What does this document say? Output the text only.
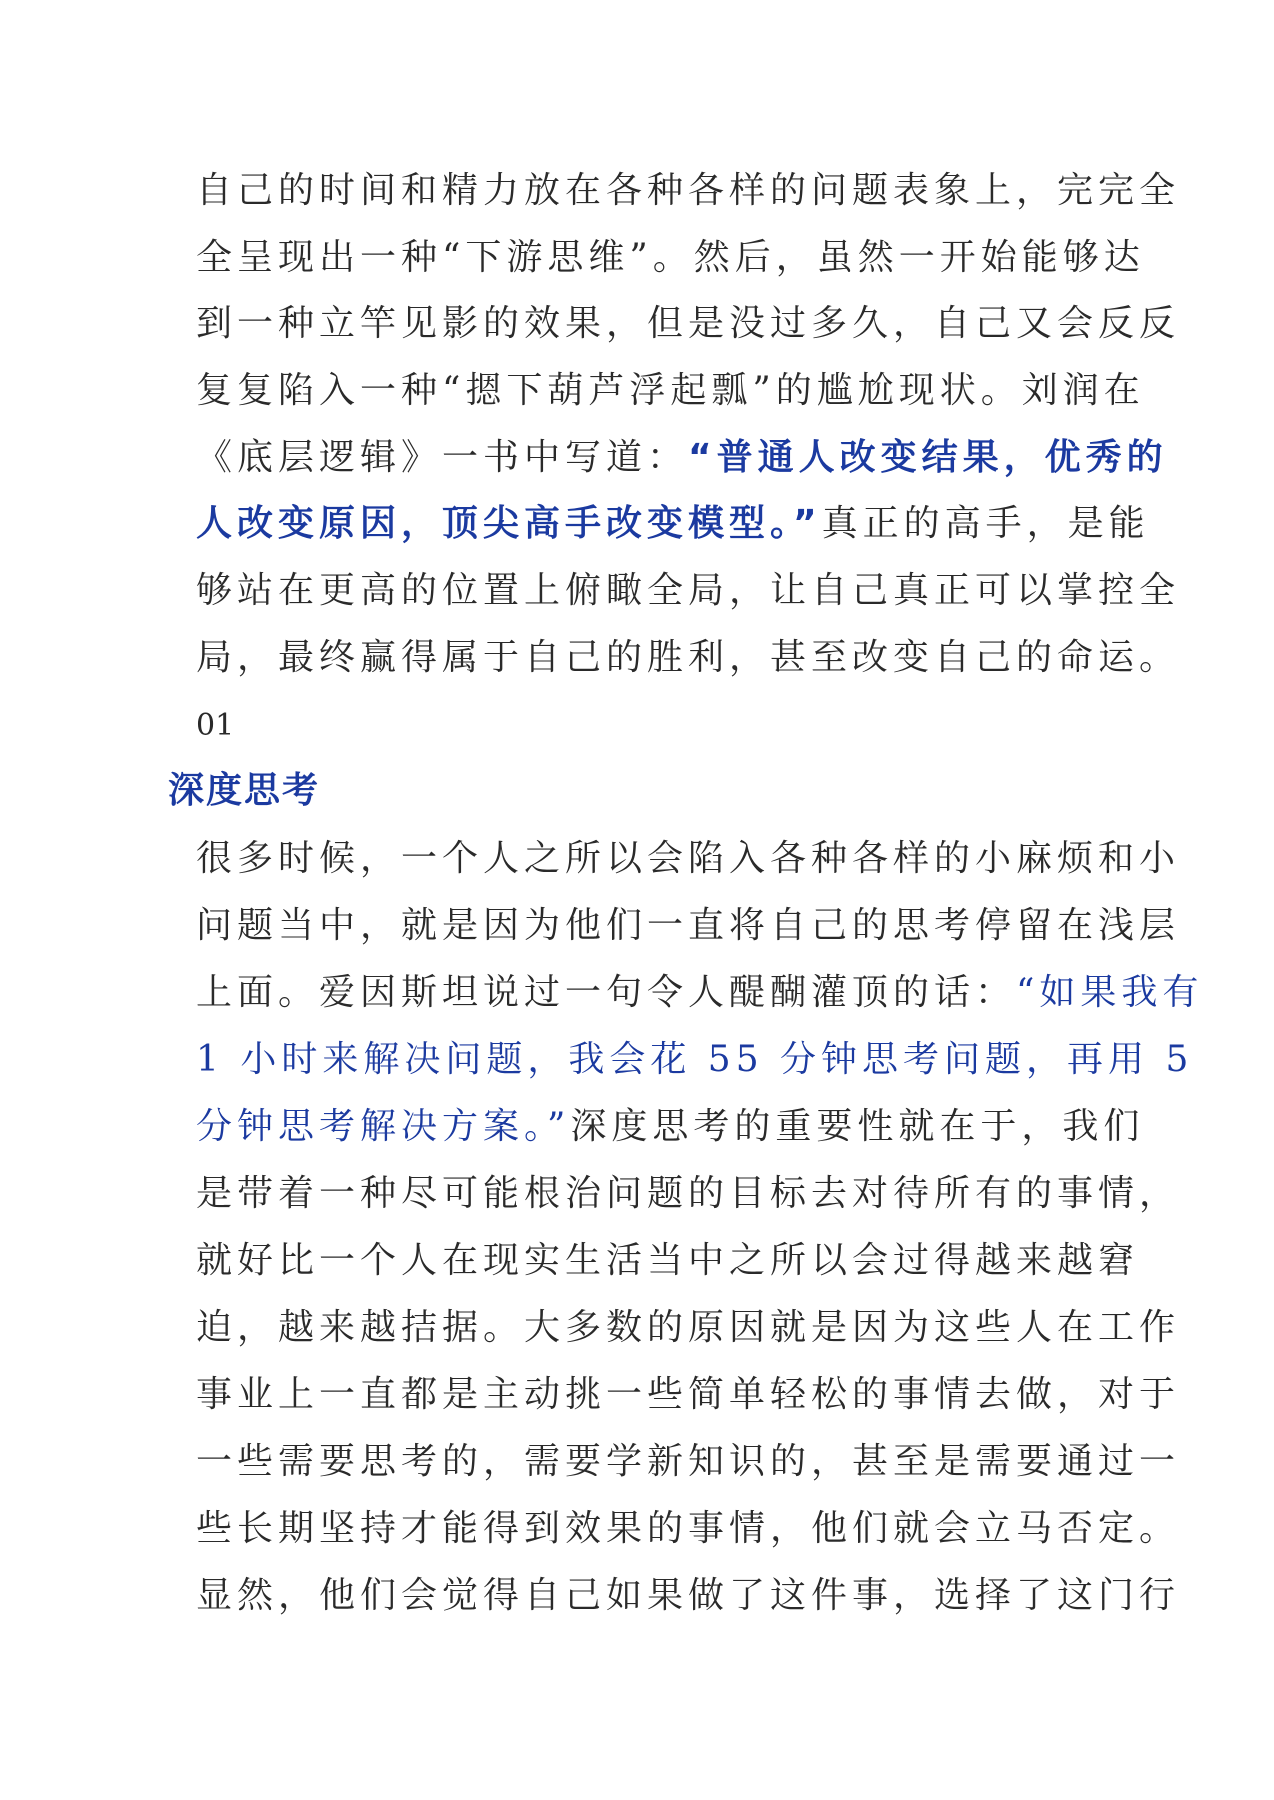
自己的时间和精力放在各种各样的问题表象上，完完全
全呈现出一种“下游思维”。然后，虽然一开始能够达
到一种立竿见影的效果，但是没过多久，自己又会反反
复复陷入一种“摁下葫芦浮起瓢”的尴尬现状。刘润在
《底层逻辑》一书中写道：“普通人改变结果，优秀的
人改变原因，顶尖高手改变模型。”真正的高手，是能
够站在更高的位置上俯瞰全局，让自己真正可以掌控全
局，最终赢得属于自己的胜利，甚至改变自己的命运。
01
深度思考
很多时候，一个人之所以会陷入各种各样的小麻烦和小
问题当中，就是因为他们一直将自己的思考停留在浅层
上面。爱因斯坦说过一句令人醍醐灌顶的话：“如果我有
1 小时来解决问题，我会花 55 分钟思考问题，再用 5
分钟思考解决方案。”深度思考的重要性就在于，我们
是带着一种尽可能根治问题的目标去对待所有的事情，
就好比一个人在现实生活当中之所以会过得越来越窘
迫，越来越拮据。大多数的原因就是因为这些人在工作
事业上一直都是主动挑一些简单轻松的事情去做，对于
一些需要思考的，需要学新知识的，甚至是需要通过一
些长期坚持才能得到效果的事情，他们就会立马否定。
显然，他们会觉得自己如果做了这件事，选择了这门行
